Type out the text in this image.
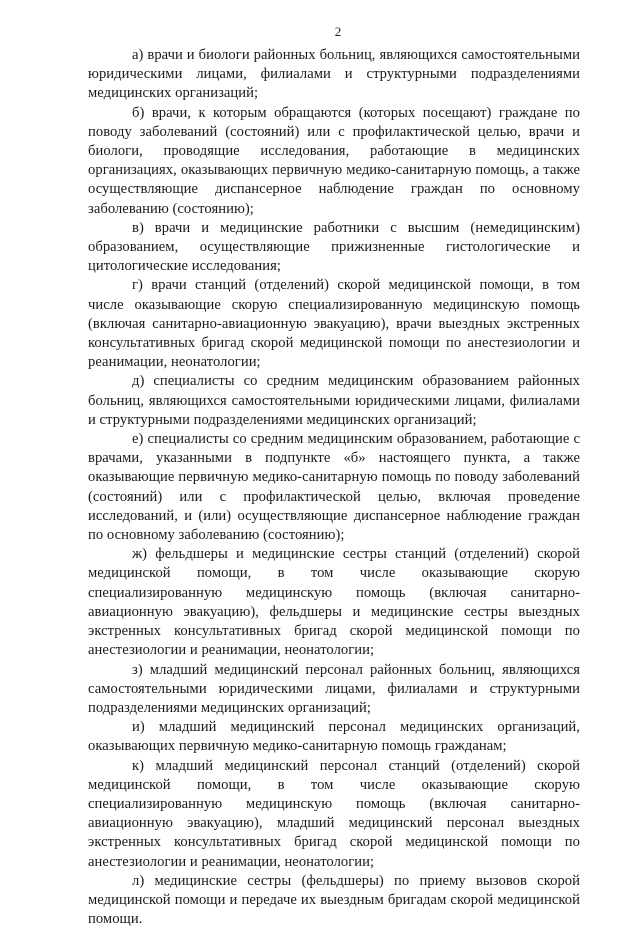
2

а) врачи и биологи районных больниц, являющихся самостоятельными юридическими лицами, филиалами и структурными подразделениями медицинских организаций;

б) врачи, к которым обращаются (которых посещают) граждане по поводу заболеваний (состояний) или с профилактической целью, врачи и биологи, проводящие исследования, работающие в медицинских организациях, оказывающих первичную медико-санитарную помощь, а также осуществляющие диспансерное наблюдение граждан по основному заболеванию (состоянию);

в) врачи и медицинские работники с высшим (немедицинским) образованием, осуществляющие прижизненные гистологические и цитологические исследования;

г) врачи станций (отделений) скорой медицинской помощи, в том числе оказывающие скорую специализированную медицинскую помощь (включая санитарно-авиационную эвакуацию), врачи выездных экстренных консультативных бригад скорой медицинской помощи по анестезиологии и реанимации, неонатологии;

д) специалисты со средним медицинским образованием районных больниц, являющихся самостоятельными юридическими лицами, филиалами и структурными подразделениями медицинских организаций;

е) специалисты со средним медицинским образованием, работающие с врачами, указанными в подпункте «б» настоящего пункта, а также оказывающие первичную медико-санитарную помощь по поводу заболеваний (состояний) или с профилактической целью, включая проведение исследований, и (или) осуществляющие диспансерное наблюдение граждан по основному заболеванию (состоянию);

ж) фельдшеры и медицинские сестры станций (отделений) скорой медицинской помощи, в том числе оказывающие скорую специализированную медицинскую помощь (включая санитарно-авиационную эвакуацию), фельдшеры и медицинские сестры выездных экстренных консультативных бригад скорой медицинской помощи по анестезиологии и реанимации, неонатологии;

з) младший медицинский персонал районных больниц, являющихся самостоятельными юридическими лицами, филиалами и структурными подразделениями медицинских организаций;

и) младший медицинский персонал медицинских организаций, оказывающих первичную медико-санитарную помощь гражданам;

к) младший медицинский персонал станций (отделений) скорой медицинской помощи, в том числе оказывающие скорую специализированную медицинскую помощь (включая санитарно-авиационную эвакуацию), младший медицинский персонал выездных экстренных консультативных бригад скорой медицинской помощи по анестезиологии и реанимации, неонатологии;

л) медицинские сестры (фельдшеры) по приему вызовов скорой медицинской помощи и передаче их выездным бригадам скорой медицинской помощи.
